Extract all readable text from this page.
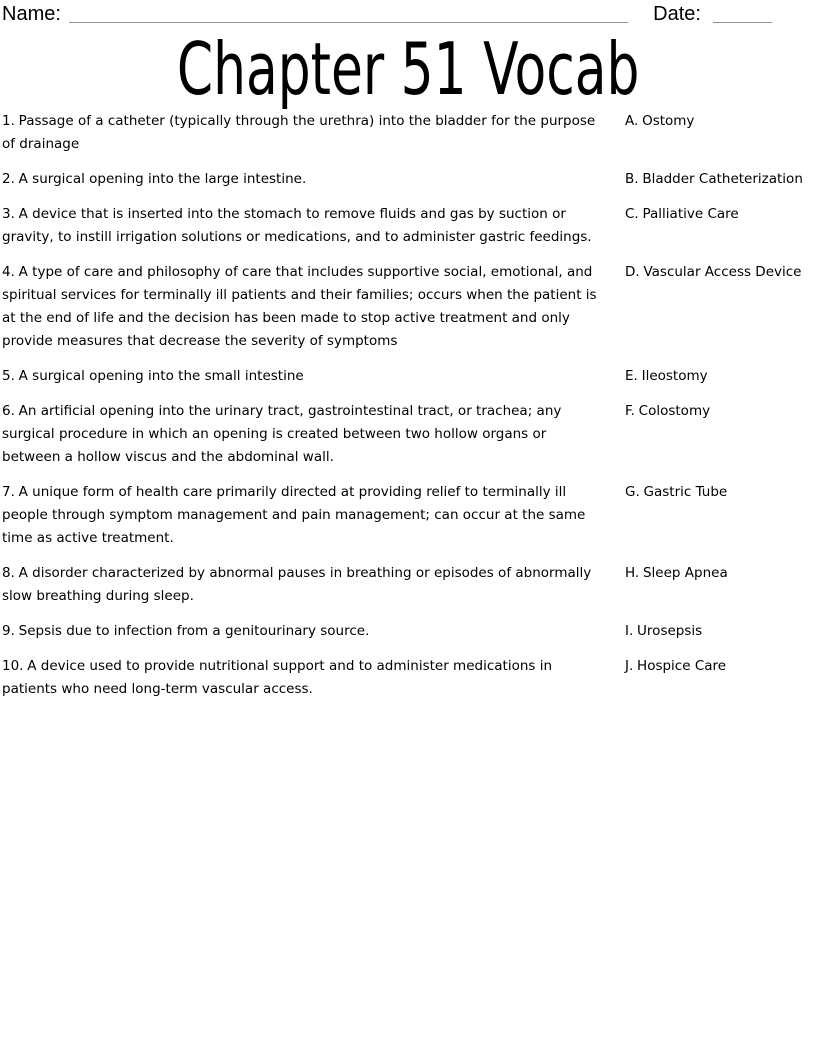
Name:	Date:
Chapter 51 Vocab
1. Passage of a catheter (typically through the urethra) into the bladder for the purpose of drainage
A. Ostomy
2. A surgical opening into the large intestine.	B. Bladder Catheterization
3. A device that is inserted into the stomach to remove fluids and gas by suction or gravity, to instill irrigation solutions or medications, and to administer gastric feedings.
C. Palliative Care
4. A type of care and philosophy of care that includes supportive social, emotional, and spiritual services for terminally ill patients and their families; occurs when the patient is at the end of life and the decision has been made to stop active treatment and only provide measures that decrease the severity of symptoms
D. Vascular Access Device
5. A surgical opening into the small intestine	E. Ileostomy
6. An artificial opening into the urinary tract, gastrointestinal tract, or trachea; any surgical procedure in which an opening is created between two hollow organs or between a hollow viscus and the abdominal wall.
F. Colostomy
7. A unique form of health care primarily directed at providing relief to terminally ill people through symptom management and pain management; can occur at the same time as active treatment.
G. Gastric Tube
8. A disorder characterized by abnormal pauses in breathing or episodes of abnormally slow breathing during sleep.
H. Sleep Apnea
9. Sepsis due to infection from a genitourinary source.	I. Urosepsis
10. A device used to provide nutritional support and to administer medications in patients who need long-term vascular access.
J. Hospice Care
